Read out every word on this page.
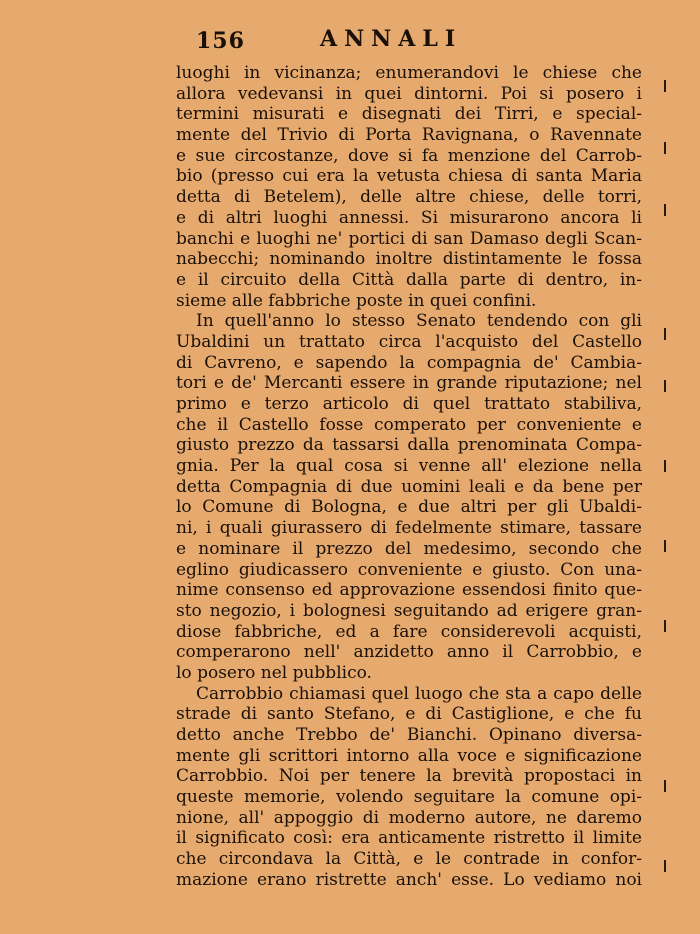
156	ANNALI
luoghi in vicinanza; enumerandovi le chiese che
allora vedevansi in quei dintorni. Poi si posero i
termini misurati e disegnati dei Tirri, e special-
mente del Trivio di Porta Ravignana, o Ravennate
e sue circostanze, dove si fa menzione del Carrob-
bio (presso cui era la vetusta chiesa di santa Maria
detta di Betelem), delle altre chiese, delle torri,
e di altri luoghi annessi. Si misurarono ancora li
banchi e luoghi ne' portici di san Damaso degli Scan-
nabecchi; nominando inoltre distintamente le fossa
e il circuito della Città dalla parte di dentro, in-
sieme alle fabbriche poste in quei confini.
In quell'anno lo stesso Senato tendendo con gli
Ubaldini un trattato circa l'acquisto del Castello
di Cavreno, e sapendo la compagnia de' Cambia-
tori e de' Mercanti essere in grande riputazione; nel
primo e terzo articolo di quel trattato stabiliva,
che il Castello fosse comperato per conveniente e
giusto prezzo da tassarsi dalla prenominata Compa-
gnia. Per la qual cosa si venne all' elezione nella
detta Compagnia di due uomini leali e da bene per
lo Comune di Bologna, e due altri per gli Ubaldi-
ni, i quali giurassero di fedelmente stimare, tassare
e nominare il prezzo del medesimo, secondo che
eglino giudicassero conveniente e giusto. Con una-
nime consenso ed approvazione essendosi finito que-
sto negozio, i bolognesi seguitando ad erigere gran-
diose fabbriche, ed a fare considerevoli acquisti,
comperarono nell' anzidetto anno il Carrobbio, e
lo posero nel pubblico.
Carrobbio chiamasi quel luogo che sta a capo delle
strade di santo Stefano, e di Castiglione, e che fu
detto anche Trebbo de' Bianchi. Opinano diversa-
mente gli scrittori intorno alla voce e significazione
Carrobbio. Noi per tenere la brevità propostaci in
queste memorie, volendo seguitare la comune opi-
nione, all' appoggio di moderno autore, ne daremo
il significato così: era anticamente ristretto il limite
che circondava la Città, e le contrade in confor-
mazione erano ristrette anch' esse. Lo vediamo noi
